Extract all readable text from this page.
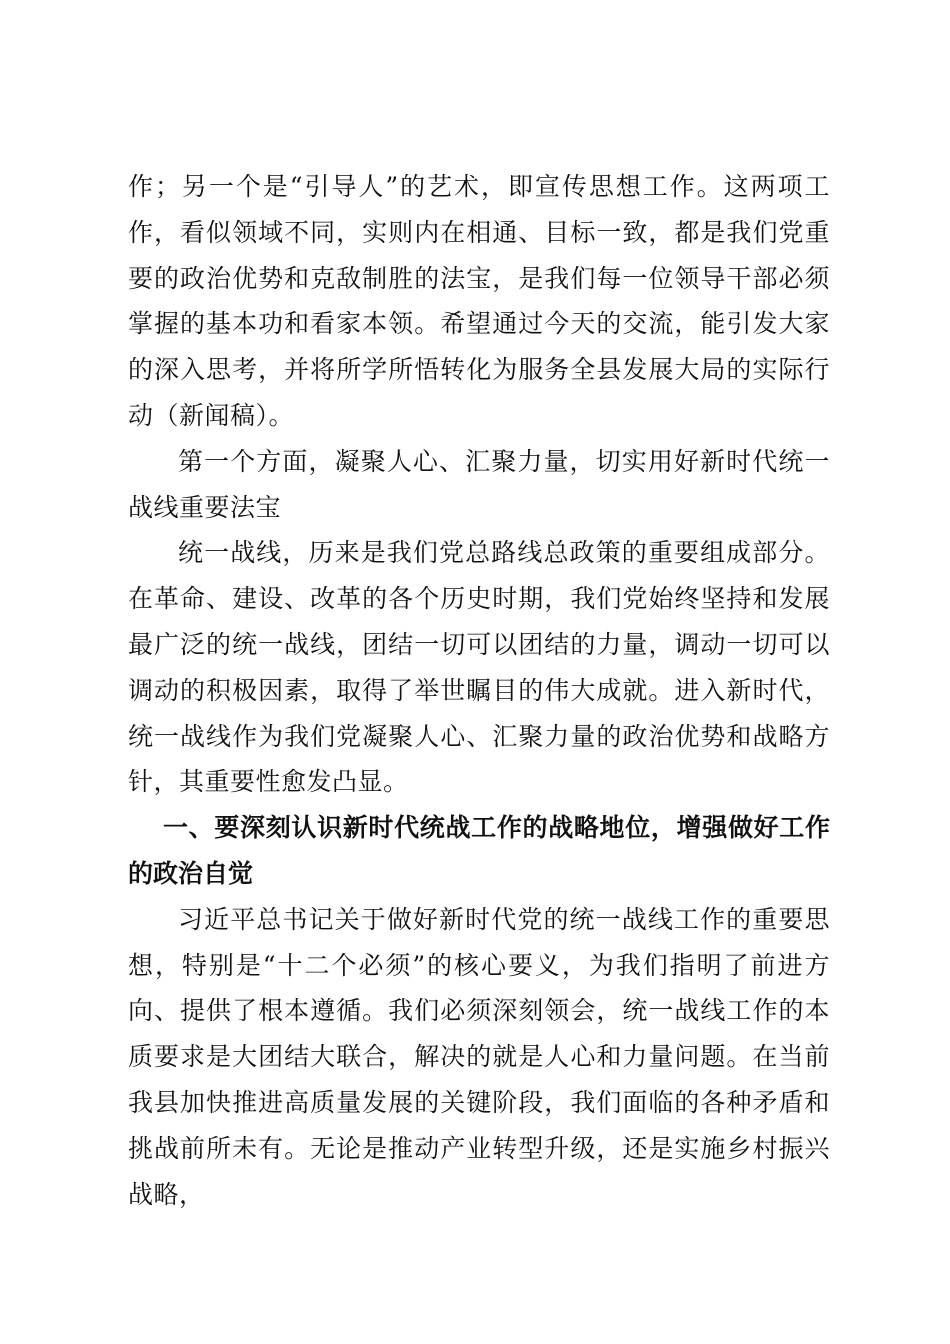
作；另一个是“引导人”的艺术，即宣传思想工作。这两项工作，看似领域不同，实则内在相通、目标一致，都是我们党重要的政治优势和克敌制胜的法宝，是我们每一位领导干部必须掌握的基本功和看家本领。希望通过今天的交流，能引发大家的深入思考，并将所学所悟转化为服务全县发展大局的实际行动（新闻稿）。

第一个方面，凝聚人心、汇聚力量，切实用好新时代统一战线重要法宝

统一战线，历来是我们党总路线总政策的重要组成部分。在革命、建设、改革的各个历史时期，我们党始终坚持和发展最广泛的统一战线，团结一切可以团结的力量，调动一切可以调动的积极因素，取得了举世瞩目的伟大成就。进入新时代，统一战线作为我们党凝聚人心、汇聚力量的政治优势和战略方针，其重要性愈发凸显。

一、要深刻认识新时代统战工作的战略地位，增强做好工作的政治自觉

习近平总书记关于做好新时代党的统一战线工作的重要思想，特别是“十二个必须”的核心要义，为我们指明了前进方向、提供了根本遵循。我们必须深刻领会，统一战线工作的本质要求是大团结大联合，解决的就是人心和力量问题。在当前我县加快推进高质量发展的关键阶段，我们面临的各种矛盾和挑战前所未有。无论是推动产业转型升级，还是实施乡村振兴战略，
